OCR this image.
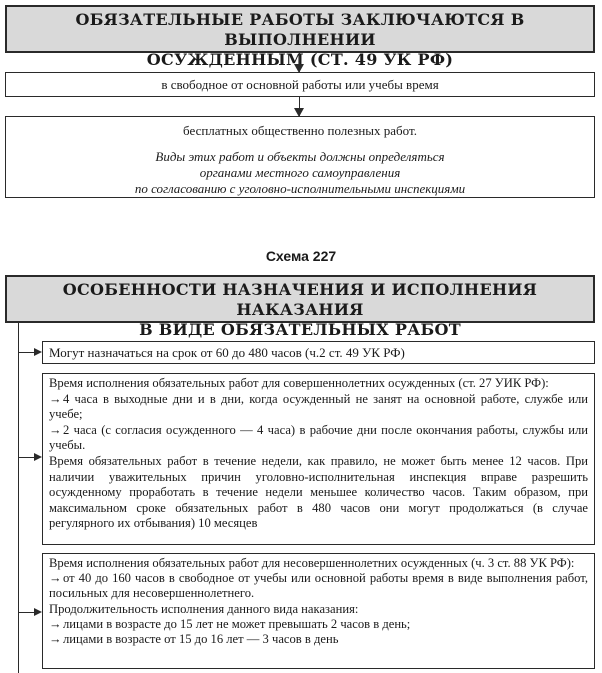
ОБЯЗАТЕЛЬНЫЕ РАБОТЫ ЗАКЛЮЧАЮТСЯ В ВЫПОЛНЕНИИ
ОСУЖДЕННЫМ (СТ. 49 УК РФ)
в свободное от основной работы или учебы время
бесплатных общественно полезных работ.
Виды этих работ и объекты должны определяться
органами местного самоуправления
по согласованию с уголовно-исполнительными инспекциями
Схема 227
ОСОБЕННОСТИ НАЗНАЧЕНИЯ И ИСПОЛНЕНИЯ НАКАЗАНИЯ
В ВИДЕ ОБЯЗАТЕЛЬНЫХ РАБОТ
Могут назначаться на срок от 60 до 480 часов (ч.2 ст. 49 УК РФ)
Время исполнения обязательных работ для совершеннолетних осужденных (ст. 27 УИК РФ):
→4 часа в выходные дни и в дни, когда осужденный не занят на основной работе, службе или учебе;
→2 часа (с согласия осужденного — 4 часа) в рабочие дни после окончания работы, службы или учебы.
Время обязательных работ в течение недели, как правило, не может быть менее 12 часов. При наличии уважительных причин уголовно-исполнительная инспекция вправе разрешить осужденному проработать в течение недели меньшее количество часов. Таким образом, при максимальном сроке обязательных работ в 480 часов они могут продолжаться (в случае регулярного их отбывания) 10 месяцев
Время исполнения обязательных работ для несовершеннолетних осужденных (ч. 3 ст. 88 УК РФ):
→от 40 до 160 часов в свободное от учебы или основной работы время в виде выполнения работ, посильных для несовершеннолетнего.
Продолжительность исполнения данного вида наказания:
→лицами в возрасте до 15 лет не может превышать 2 часов в день;
→лицами в возрасте от 15 до 16 лет — 3 часов в день
